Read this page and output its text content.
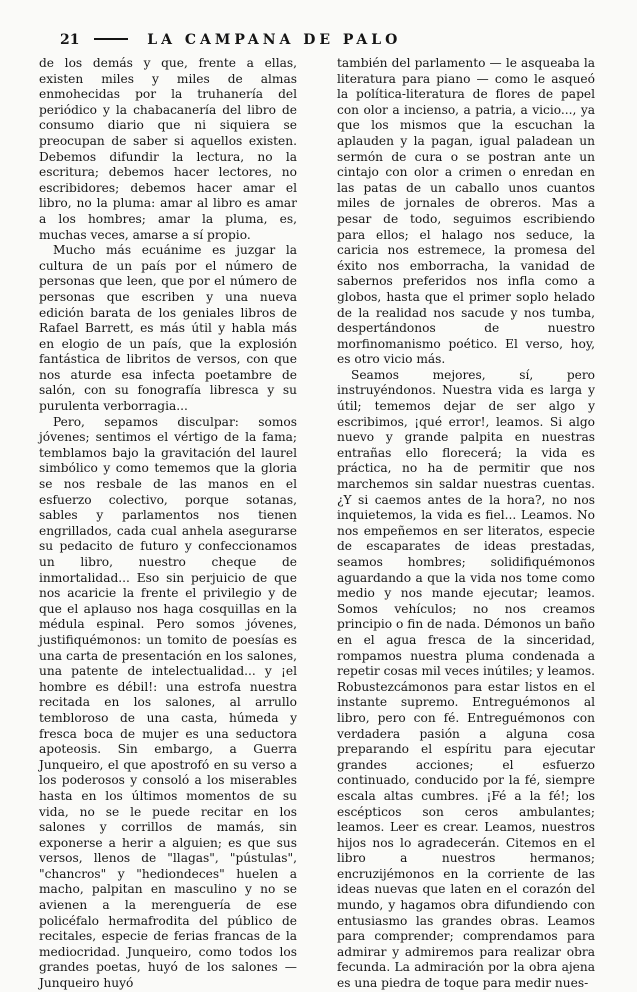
21	LA CAMPANA DE PALO

de los demás y que, frente a ellas, existen miles y miles de almas enmohecidas por la truhanería del periódico y la chabacanería del libro de consumo diario que ni siquiera se preocupan de saber si aquellos existen. Debemos difundir la lectura, no la escritura; debemos hacer lectores, no escribidores; debemos hacer amar el libro, no la pluma: amar al libro es amar a los hombres; amar la pluma, es, muchas veces, amarse a sí propio.

Mucho más ecuánime es juzgar la cultura de un país por el número de personas que leen, que por el número de personas que escriben y una nueva edición barata de los geniales libros de Rafael Barrett, es más útil y habla más en elogio de un país, que la explosión fantástica de libritos de versos, con que nos aturde esa infecta poetambre de salón, con su fonografía libresca y su purulenta verborragia...

Pero, sepamos disculpar: somos jóvenes; sentimos el vértigo de la fama; temblamos bajo la gravitación del laurel simbólico y como tememos que la gloria se nos resbale de las manos en el esfuerzo colectivo, porque sotanas, sables y parlamentos nos tienen engrillados, cada cual anhela asegurarse su pedacito de futuro y confeccionamos un libro, nuestro cheque de inmortalidad... Eso sin perjuicio de que nos acaricie la frente el privilegio y de que el aplauso nos haga cosquillas en la médula espinal. Pero somos jóvenes, justifiquémonos: un tomito de poesías es una carta de presentación en los salones, una patente de intelectualidad... y ¡el hombre es débil!: una estrofa nuestra recitada en los salones, al arrullo tembloroso de una casta, húmeda y fresca boca de mujer es una seductora apoteosis. Sin embargo, a Guerra Junqueiro, el que apostrofó en su verso a los poderosos y consoló a los miserables hasta en los últimos momentos de su vida, no se le puede recitar en los salones y corrillos de mamás, sin exponerse a herir a alguien; es que sus versos, llenos de "llagas", "pústulas", "chancros" y "hediondeces" huelen a macho, palpitan en masculino y no se avienen a la merenguería de ese policéfalo hermafrodita del público de recitales, especie de ferias francas de la mediocridad. Junqueiro, como todos los grandes poetas, huyó de los salones — Junqueiro huyó

también del parlamento — le asqueaba la literatura para piano — como le asqueó la política-literatura de flores de papel con olor a incienso, a patria, a vicio..., ya que los mismos que la escuchan la aplauden y la pagan, igual paladean un sermón de cura o se postran ante un cintajo con olor a crimen o enredan en las patas de un caballo unos cuantos miles de jornales de obreros. Mas a pesar de todo, seguimos escribiendo para ellos; el halago nos seduce, la caricia nos estremece, la promesa del éxito nos emborracha, la vanidad de sabernos preferidos nos infla como a globos, hasta que el primer soplo helado de la realidad nos sacude y nos tumba, despertándonos de nuestro morfinomanismo poético. El verso, hoy, es otro vicio más.

Seamos mejores, sí, pero instruyéndonos. Nuestra vida es larga y útil; tememos dejar de ser algo y escribimos, ¡qué error!, leamos. Si algo nuevo y grande palpita en nuestras entrañas ello florecerá; la vida es práctica, no ha de permitir que nos marchemos sin saldar nuestras cuentas. ¿Y si caemos antes de la hora?, no nos inquietemos, la vida es fiel... Leamos. No nos empeñemos en ser literatos, especie de escaparates de ideas prestadas, seamos hombres; solidifiquémonos aguardando a que la vida nos tome como medio y nos mande ejecutar; leamos. Somos vehículos; no nos creamos principio o fin de nada. Démonos un baño en el agua fresca de la sinceridad, rompamos nuestra pluma condenada a repetir cosas mil veces inútiles; y leamos. Robustezcámonos para estar listos en el instante supremo. Entreguémonos al libro, pero con fé. Entreguémonos con verdadera pasión a alguna cosa preparando el espíritu para ejecutar grandes acciones; el esfuerzo continuado, conducido por la fé, siempre escala altas cumbres. ¡Fé a la fé!; los escépticos son ceros ambulantes; leamos. Leer es crear. Leamos, nuestros hijos nos lo agradecerán. Citemos en el libro a nuestros hermanos; encruzijémonos en la corriente de las ideas nuevas que laten en el corazón del mundo, y hagamos obra difundiendo con entusiasmo las grandes obras. Leamos para comprender; comprendamos para admirar y admiremos para realizar obra fecunda. La admiración por la obra ajena es una piedra de toque para medir nues-
